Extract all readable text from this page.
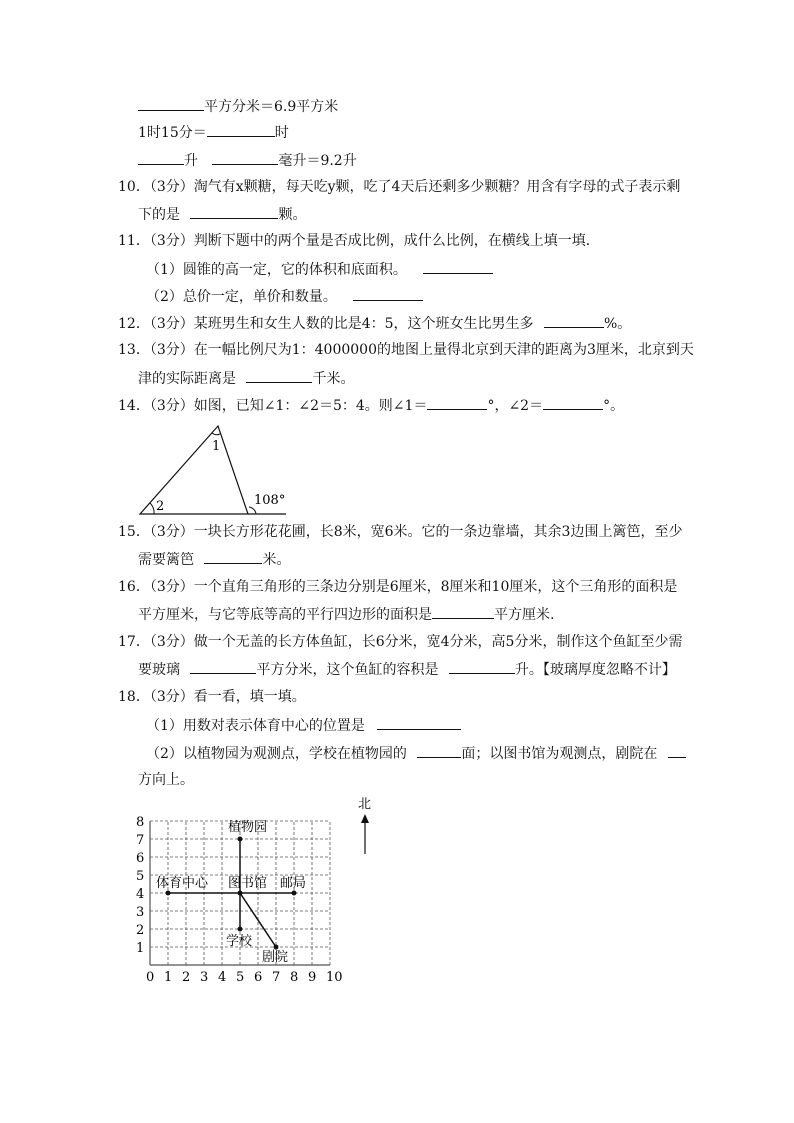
平方分米＝6.9平方米
1时15分＝	时
升	毫升＝9.2升
10．（3分）淘气有x颗糖，每天吃y颗，吃了4天后还剩多少颗糖？用含有字母的式子表示剩
下的是	颗。
11．（3分）判断下题中的两个量是否成比例，成什么比例，在横线上填一填．
（1）圆锥的高一定，它的体积和底面积。
（2）总价一定，单价和数量。
12．（3分）某班男生和女生人数的比是4：5，这个班女生比男生多	%。
13．（3分）在一幅比例尺为1：4000000的地图上量得北京到天津的距离为3厘米，北京到天
津的实际距离是	千米。
14．（3分）如图，已知∠1：∠2＝5：4。则∠1＝	°，∠2＝	°。
1
2	108°
15．（3分）一块长方形花花圃，长8米，宽6米。它的一条边靠墙，其余3边围上篱笆，至少
需要篱笆	米。
16．（3分）一个直角三角形的三条边分别是6厘米，8厘米和10厘米，这个三角形的面积是
平方厘米，与它等底等高的平行四边形的面积是	平方厘米.
17．（3分）做一个无盖的长方体鱼缸，长6分米，宽4分米，高5分米，制作这个鱼缸至少需
要玻璃	平方分米，这个鱼缸的容积是	升。【玻璃厚度忽略不计】
18．（3分）看一看，填一填。
（1）用数对表示体育中心的位置是
（2）以植物园为观测点，学校在植物园的	面；以图书馆为观测点，剧院在
方向上。
0 1 2 3 4 5 6 7 8 9 10
1
2
3
4
5
6
7
8	植物园
体育中心 图书馆 邮局
学校
剧院
北
